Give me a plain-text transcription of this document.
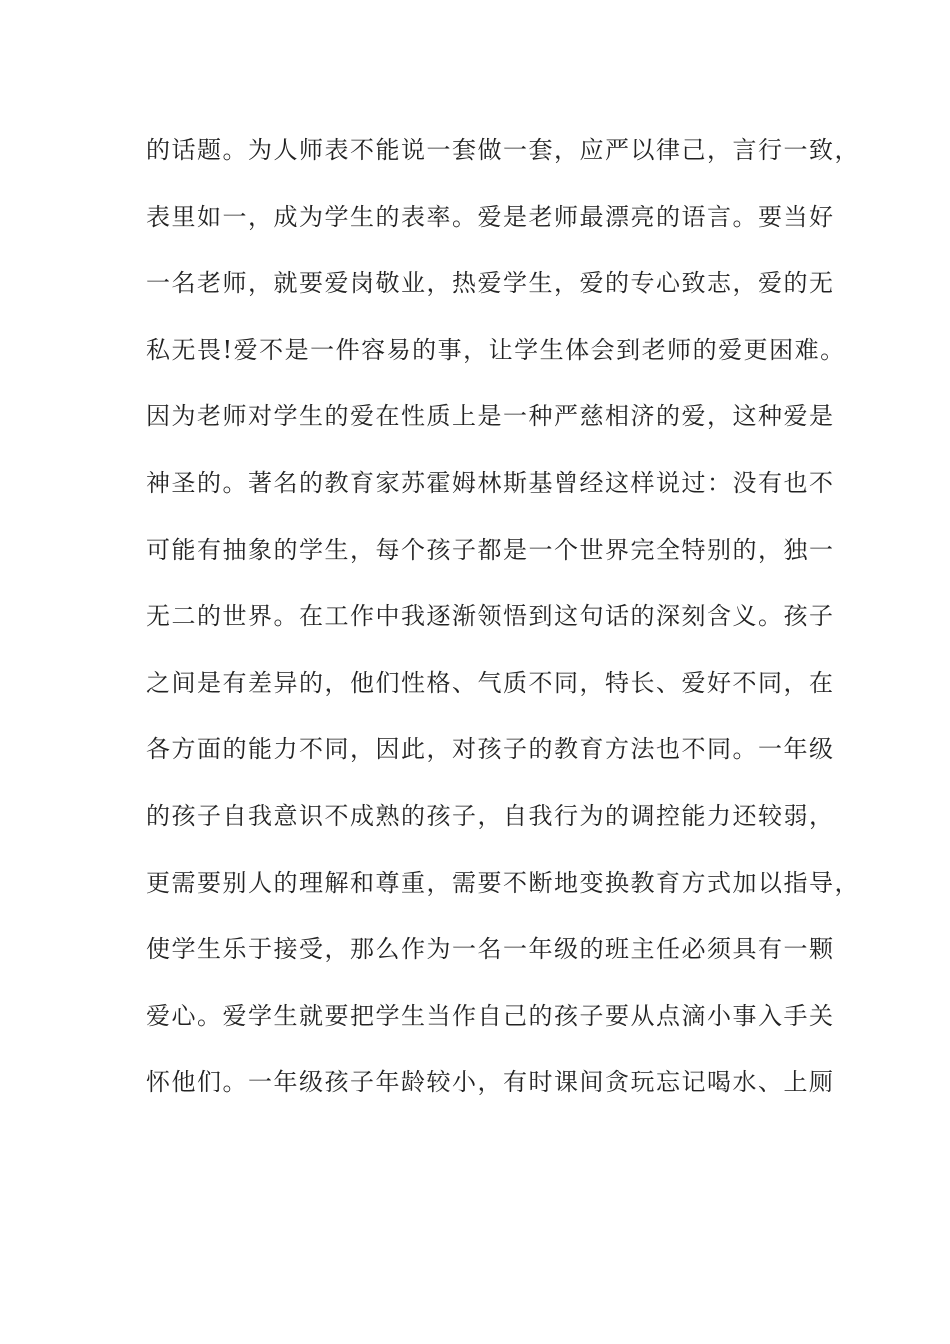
的话题。为人师表不能说一套做一套，应严以律己，言行一致，
表里如一，成为学生的表率。爱是老师最漂亮的语言。要当好
一名老师，就要爱岗敬业，热爱学生，爱的专心致志，爱的无
私无畏!爱不是一件容易的事，让学生体会到老师的爱更困难。
因为老师对学生的爱在性质上是一种严慈相济的爱，这种爱是
神圣的。著名的教育家苏霍姆林斯基曾经这样说过：没有也不
可能有抽象的学生，每个孩子都是一个世界完全特别的，独一
无二的世界。在工作中我逐渐领悟到这句话的深刻含义。孩子
之间是有差异的，他们性格、气质不同，特长、爱好不同，在
各方面的能力不同，因此，对孩子的教育方法也不同。一年级
的孩子自我意识不成熟的孩子，自我行为的调控能力还较弱，
更需要别人的理解和尊重，需要不断地变换教育方式加以指导，
使学生乐于接受，那么作为一名一年级的班主任必须具有一颗
爱心。爱学生就要把学生当作自己的孩子要从点滴小事入手关
怀他们。一年级孩子年龄较小，有时课间贪玩忘记喝水、上厕
